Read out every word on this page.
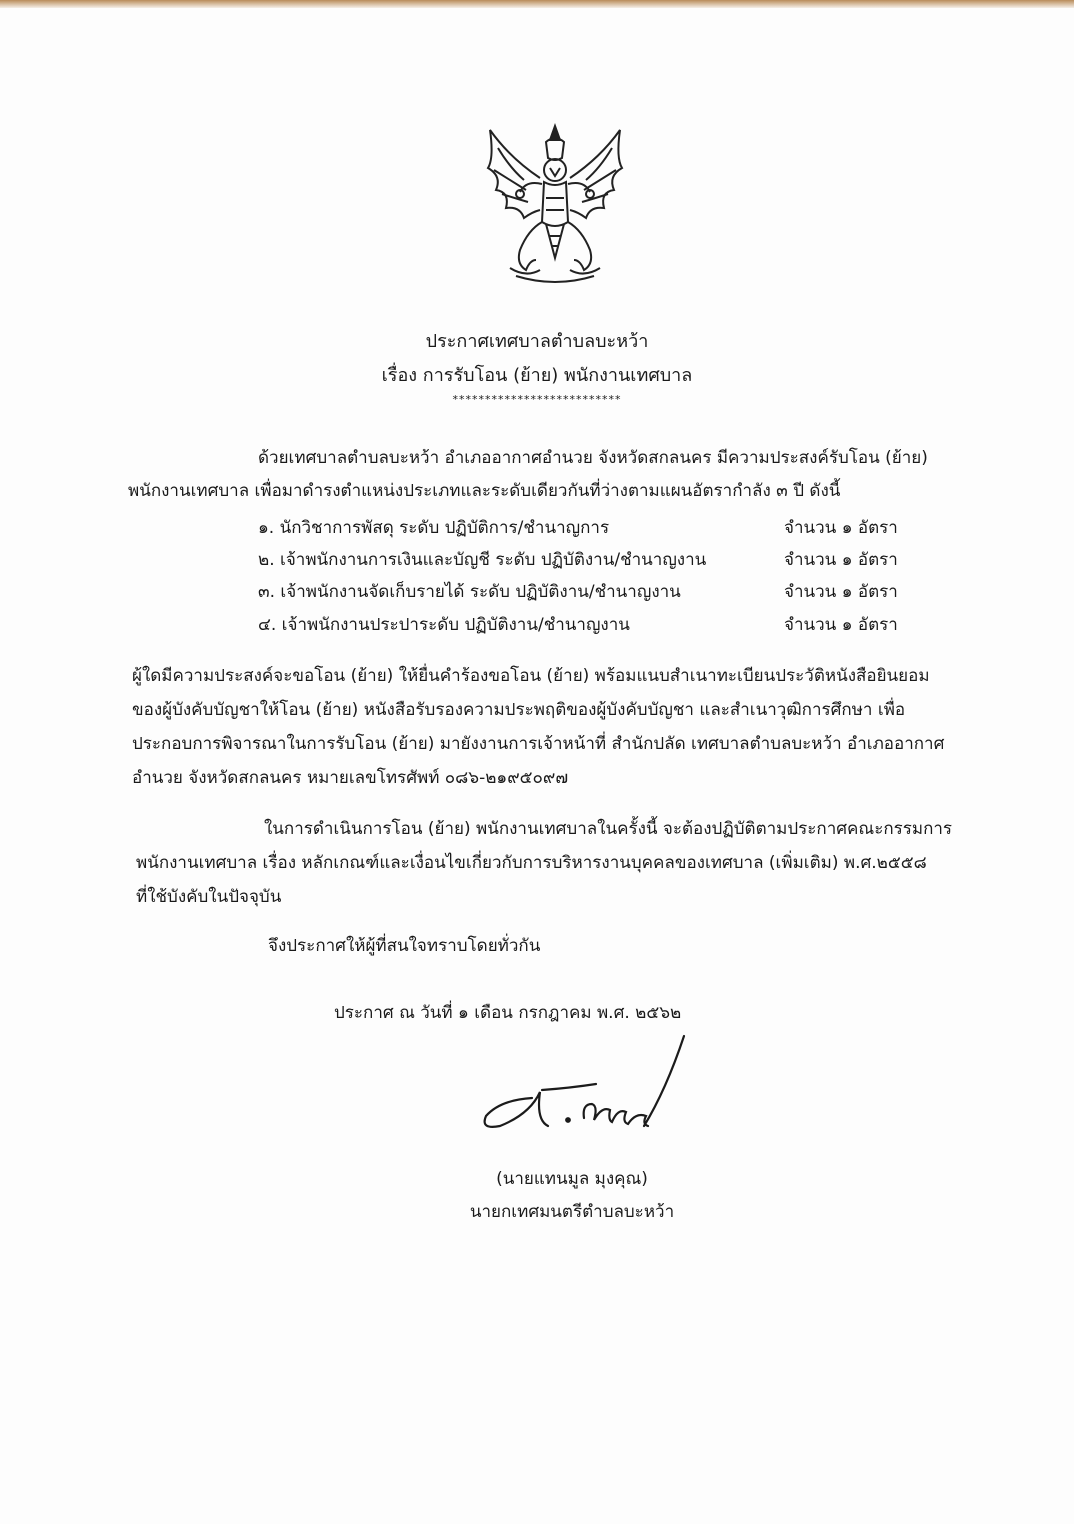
ประกาศเทศบาลตำบลบะหว้า
เรื่อง การรับโอน (ย้าย) พนักงานเทศบาล
**************************
ด้วยเทศบาลตำบลบะหว้า อำเภออากาศอำนวย จังหวัดสกลนคร มีความประสงค์รับโอน (ย้าย)
พนักงานเทศบาล เพื่อมาดำรงตำแหน่งประเภทและระดับเดียวกันที่ว่างตามแผนอัตรากำลัง ๓ ปี ดังนี้
๑. นักวิชาการพัสดุ ระดับ ปฏิบัติการ/ชำนาญการ	จำนวน ๑ อัตรา
๒. เจ้าพนักงานการเงินและบัญชี ระดับ ปฏิบัติงาน/ชำนาญงาน	จำนวน ๑ อัตรา
๓. เจ้าพนักงานจัดเก็บรายได้ ระดับ ปฏิบัติงาน/ชำนาญงาน	จำนวน ๑ อัตรา
๔. เจ้าพนักงานประปาระดับ ปฏิบัติงาน/ชำนาญงาน	จำนวน ๑ อัตรา
ผู้ใดมีความประสงค์จะขอโอน (ย้าย) ให้ยื่นคำร้องขอโอน (ย้าย) พร้อมแนบสำเนาทะเบียนประวัติหนังสือยินยอม
ของผู้บังคับบัญชาให้โอน (ย้าย) หนังสือรับรองความประพฤติของผู้บังคับบัญชา และสำเนาวุฒิการศึกษา เพื่อ
ประกอบการพิจารณาในการรับโอน (ย้าย) มายังงานการเจ้าหน้าที่ สำนักปลัด เทศบาลตำบลบะหว้า อำเภออากาศ
อำนวย จังหวัดสกลนคร หมายเลขโทรศัพท์ ๐๘๖-๒๑๙๕๐๙๗
ในการดำเนินการโอน (ย้าย) พนักงานเทศบาลในครั้งนี้ จะต้องปฏิบัติตามประกาศคณะกรรมการ
พนักงานเทศบาล เรื่อง หลักเกณฑ์และเงื่อนไขเกี่ยวกับการบริหารงานบุคคลของเทศบาล (เพิ่มเติม) พ.ศ.๒๕๕๘
ที่ใช้บังคับในปัจจุบัน
จึงประกาศให้ผู้ที่สนใจทราบโดยทั่วกัน
ประกาศ ณ วันที่ ๑ เดือน กรกฎาคม พ.ศ. ๒๕๖๒
(นายแทนมูล มุงคุณ)
นายกเทศมนตรีตำบลบะหว้า
